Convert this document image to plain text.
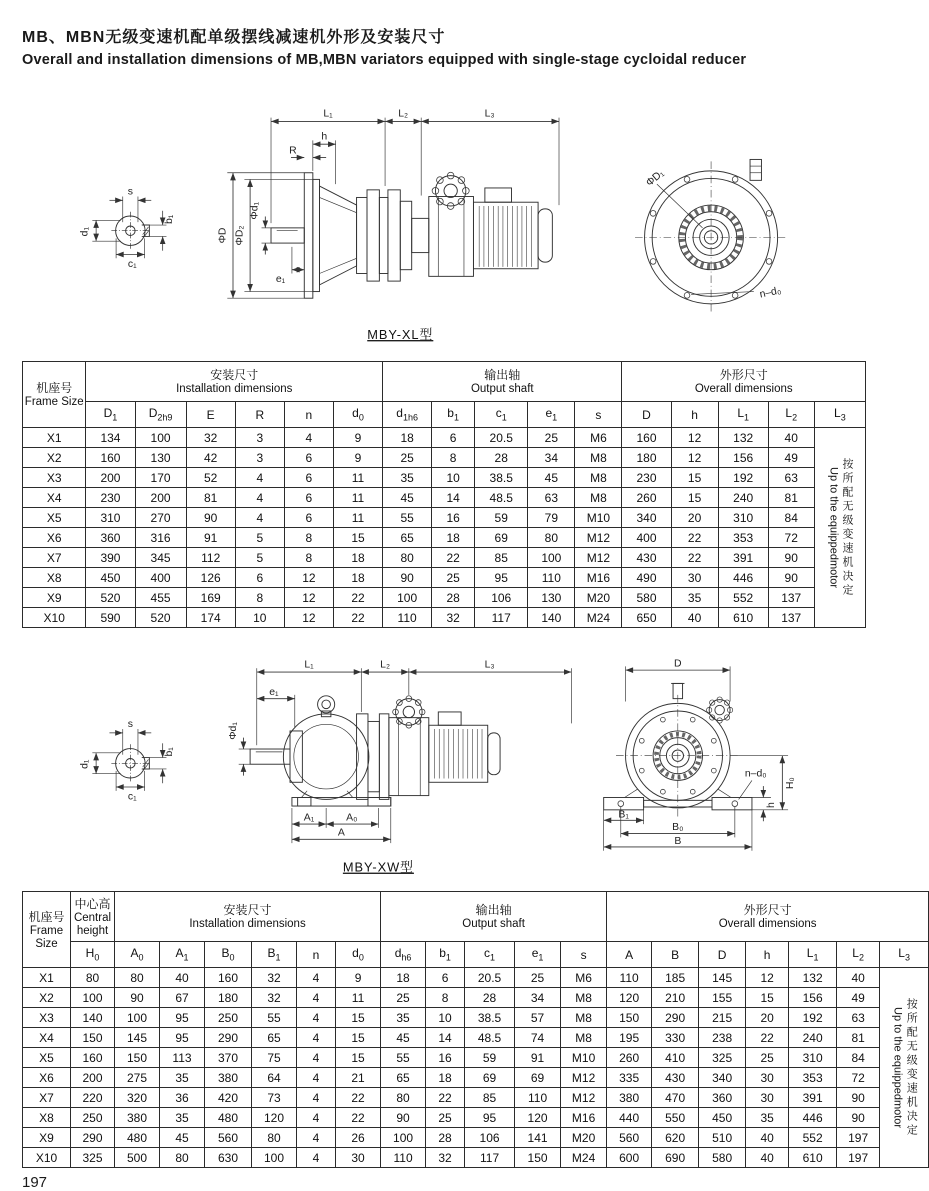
MB、MBN无级变速机配单级摆线减速机外形及安装尺寸
Overall and installation dimensions of MB,MBN variators equipped with single-stage cycloidal reducer
s
b₁
d₁
c₁
L₁	L₂	L₃
h
R
ΦD ΦD₂
Φd₁
e₁
ΦD₁
n–d₀
MBY-XL型
机座号
Frame Size

安装尺寸
Installation dimensions

输出轴
Output shaft

外形尺寸
Overall dimensions

	$D_1$	$D_{2h9}$	E	R	n	$d_0$	$d_{1h6}$	$b_1$	$c_1$	$e_1$	s	D	h	$L_1$	$L_2$	$L_3$
X1	134	100	32	3	4	9	18	6	20.5	25	M6	160	12	132	40	Up to the equippedmotor 按所配无级变速机决定
X2	160	130	42	3	6	9	25	8	28	34	M8	180	12	156	49	
X3	200	170	52	4	6	11	35	10	38.5	45	M8	230	15	192	63	
X4	230	200	81	4	6	11	45	14	48.5	63	M8	260	15	240	81	
X5	310	270	90	4	6	11	55	16	59	79	M10	340	20	310	84	
X6	360	316	91	5	8	15	65	18	69	80	M12	400	22	353	72	
X7	390	345	112	5	8	18	80	22	85	100	M12	430	22	391	90	
X8	450	400	126	6	12	18	90	25	95	110	M16	490	30	446	90	
X9	520	455	169	8	12	22	100	28	106	130	M20	580	35	552	137	
X10	590	520	174	10	12	22	110	32	117	140	M24	650	40	610	137	
s
b₁
d₁
c₁
L₁	L₂	L₃
e₁
Φd₁
A₁	A₀
A
D
n–d₀
H₀
h
B₁
B₀
B
MBY-XW型
机座号
Frame Size

中心高
Central height

安装尺寸
Installation dimensions

输出轴
Output shaft

外形尺寸
Overall dimensions

	$H_0$	$A_0$	$A_1$	$B_0$	$B_1$	n	$d_0$	$d_{h6}$	$b_1$	$c_1$	$e_1$	s	A	B	D	h	$L_1$	$L_2$	$L_3$
X1	80	80	40	160	32	4	9	18	6	20.5	25	M6	110	185	145	12	132	40	Up to the equippedmotor 按所配无级变速机决定
X2	100	90	67	180	32	4	11	25	8	28	34	M8	120	210	155	15	156	49	
X3	140	100	95	250	55	4	15	35	10	38.5	57	M8	150	290	215	20	192	63	
X4	150	145	95	290	65	4	15	45	14	48.5	74	M8	195	330	238	22	240	81	
X5	160	150	113	370	75	4	15	55	16	59	91	M10	260	410	325	25	310	84	
X6	200	275	35	380	64	4	21	65	18	69	69	M12	335	430	340	30	353	72	
X7	220	320	36	420	73	4	22	80	22	85	110	M12	380	470	360	30	391	90	
X8	250	380	35	480	120	4	22	90	25	95	120	M16	440	550	450	35	446	90	
X9	290	480	45	560	80	4	26	100	28	106	141	M20	560	620	510	40	552	197	
X10	325	500	80	630	100	4	30	110	32	117	150	M24	600	690	580	40	610	197	
197
